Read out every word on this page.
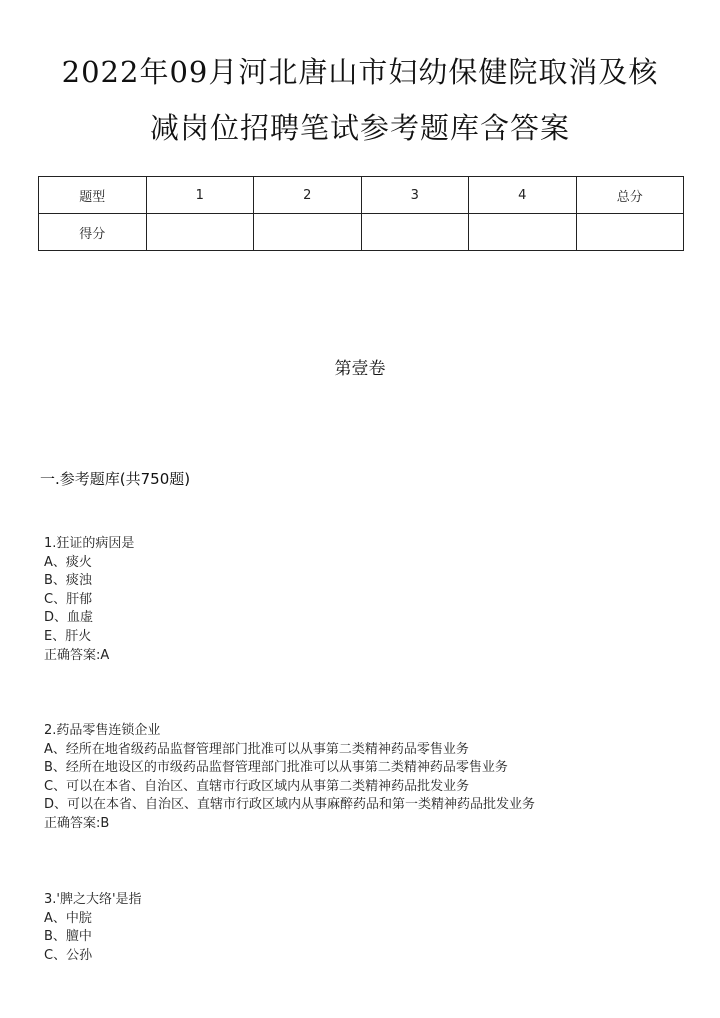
2022年09月河北唐山市妇幼保健院取消及核
减岗位招聘笔试参考题库含答案
题型	1	2	3	4	总分
得分					
第壹卷
一.参考题库(共750题)
1.狂证的病因是
A、痰火
B、痰浊
C、肝郁
D、血虚
E、肝火
正确答案:A
2.药品零售连锁企业
A、经所在地省级药品监督管理部门批准可以从事第二类精神药品零售业务
B、经所在地设区的市级药品监督管理部门批准可以从事第二类精神药品零售业务
C、可以在本省、自治区、直辖市行政区域内从事第二类精神药品批发业务
D、可以在本省、自治区、直辖市行政区域内从事麻醉药品和第一类精神药品批发业务
正确答案:B
3.'脾之大络'是指
A、中脘
B、膻中
C、公孙
